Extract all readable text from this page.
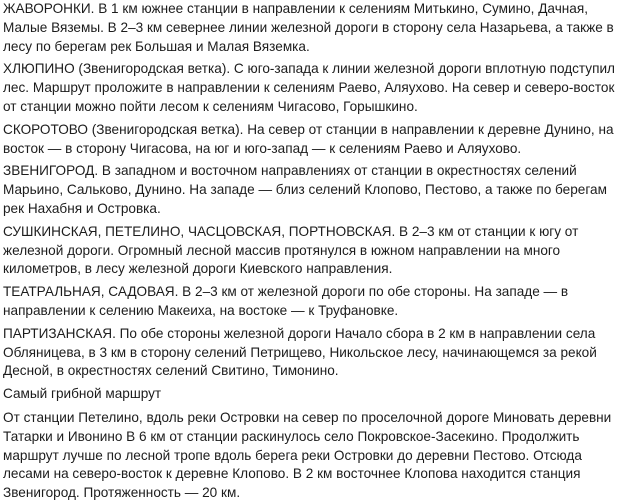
ЖАВОРОНКИ. В 1 км южнее станции в направлении к селениям Митькино, Сумино, Дачная, Малые Вяземы. В 2–3 км севернее линии железной дороги в сторону села Назарьева, а также в лесу по берегам рек Большая и Малая Вяземка.

ХЛЮПИНО (Звенигородская ветка). С юго-запада к линии железной дороги вплотную подступил лес. Маршрут проложите в направлении к селениям Раево, Аляухово. На север и северо-восток от станции можно пойти лесом к селениям Чигасово, Горышкино.

СКОРОТОВО (Звенигородская ветка). На север от станции в направлении к деревне Дунино, на восток — в сторону Чигасова, на юг и юго-запад — к селениям Раево и Аляухово.

ЗВЕНИГОРОД. В западном и восточном направлениях от станции в окрестностях селений Марьино, Сальково, Дунино. На западе — близ селений Клопово, Пестово, а также по берегам рек Нахабня и Островка.

СУШКИНСКАЯ, ПЕТЕЛИНО, ЧАСЦОВСКАЯ, ПОРТНОВСКАЯ. В 2–3 км от станции к югу от железной дороги. Огромный лесной массив протянулся в южном направлении на много километров, в лесу железной дороги Киевского направления.

ТЕАТРАЛЬНАЯ, САДОВАЯ. В 2–3 км от железной дороги по обе стороны. На западе — в направлении к селению Макеиха, на востоке — к Труфановке.

ПАРТИЗАНСКАЯ. По обе стороны железной дороги Начало сбора в 2 км в направлении села Обляницева, в 3 км в сторону селений Петрищево, Никольское лесу, начинающемся за рекой Десной, в окрестностях селений Свитино, Тимонино.

Самый грибной маршрут

От станции Петелино, вдоль реки Островки на север по проселочной дороге Миновать деревни Татарки и Ивонино В 6 км от станции раскинулось село Покровское-Засекино. Продолжить маршрут лучше по лесной тропе вдоль берега реки Островки до деревни Пестово. Отсюда лесами на северо-восток к деревне Клопово. В 2 км восточнее Клопова находится станция Звенигород. Протяженность — 20 км.
